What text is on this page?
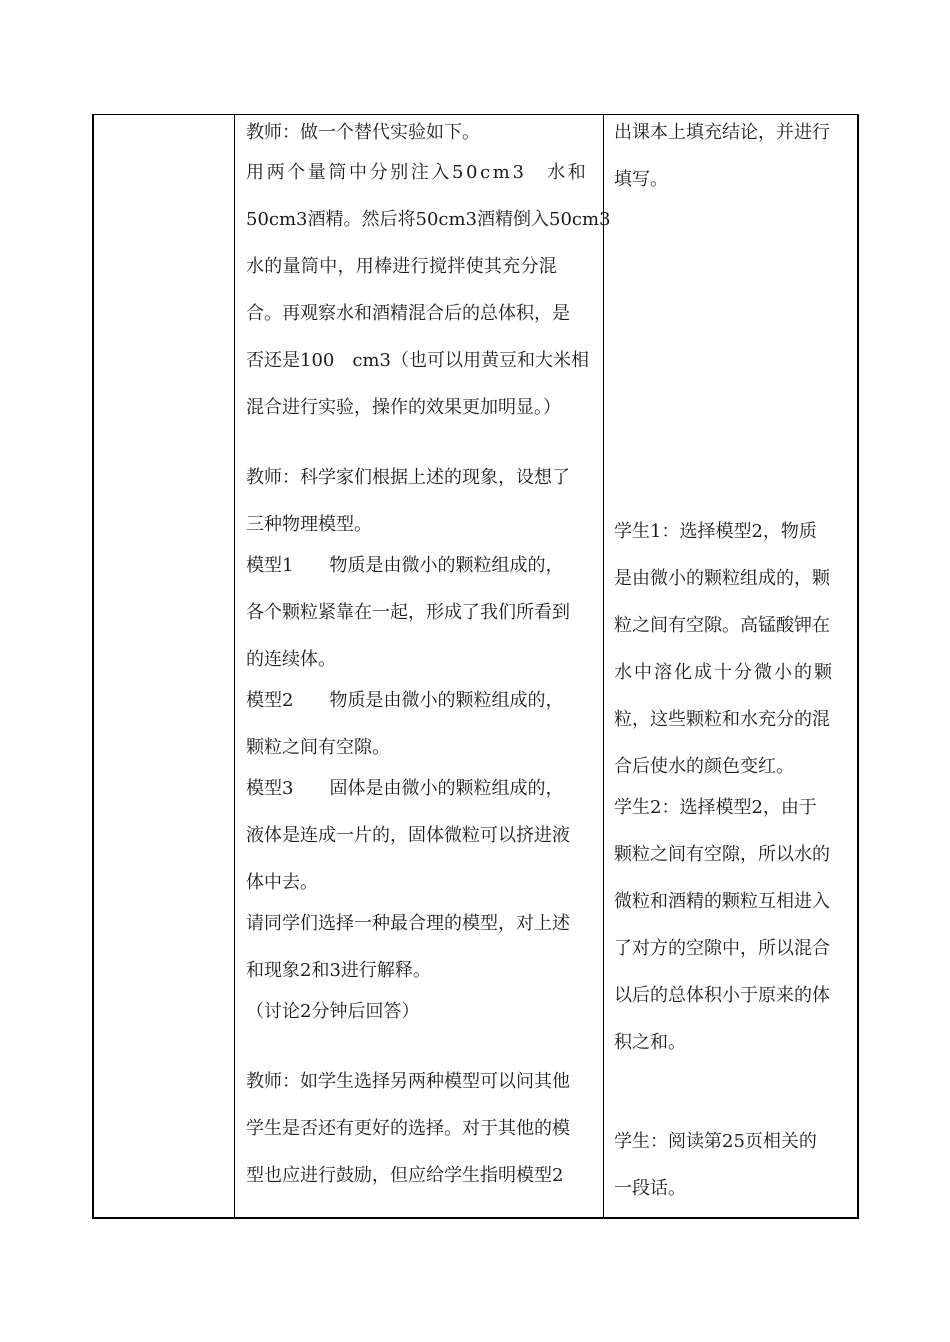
教师：做一个替代实验如下。
用两个量筒中分别注入50cm3　水和
50cm3酒精。然后将50cm3酒精倒入50cm3
水的量筒中，用棒进行搅拌使其充分混
合。再观察水和酒精混合后的总体积，是
否还是100　cm3（也可以用黄豆和大米相
混合进行实验，操作的效果更加明显。）
教师：科学家们根据上述的现象，设想了
三种物理模型。
模型1　　物质是由微小的颗粒组成的，
各个颗粒紧靠在一起，形成了我们所看到
的连续体。
模型2　　物质是由微小的颗粒组成的，
颗粒之间有空隙。
模型3　　固体是由微小的颗粒组成的，
液体是连成一片的，固体微粒可以挤进液
体中去。
请同学们选择一种最合理的模型，对上述
和现象2和3进行解释。
（讨论2分钟后回答）
教师：如学生选择另两种模型可以问其他
学生是否还有更好的选择。对于其他的模
型也应进行鼓励，但应给学生指明模型2
出课本上填充结论，并进行
填写。
学生1：选择模型2，物质
是由微小的颗粒组成的，颗
粒之间有空隙。高锰酸钾在
水中溶化成十分微小的颗
粒，这些颗粒和水充分的混
合后使水的颜色变红。
学生2：选择模型2，由于
颗粒之间有空隙，所以水的
微粒和酒精的颗粒互相进入
了对方的空隙中，所以混合
以后的总体积小于原来的体
积之和。
学生：阅读第25页相关的
一段话。
